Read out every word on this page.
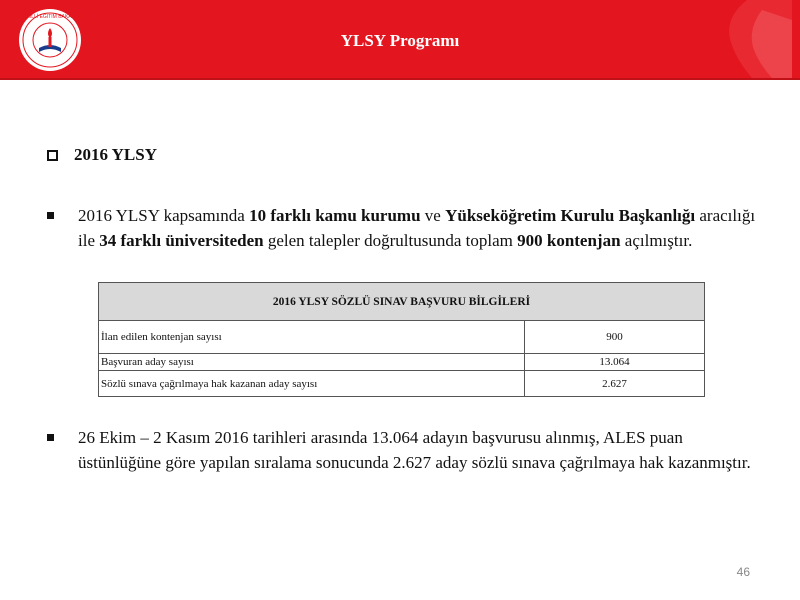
T.C. MİLLİ EĞİTİM BAKANLIĞI
YLSY Programı
2016 YLSY
2016 YLSY kapsamında 10 farklı kamu kurumu ve Yükseköğretim Kurulu Başkanlığı aracılığı ile 34 farklı üniversiteden gelen talepler doğrultusunda toplam 900 kontenjan açılmıştır.
2016 YLSY SÖZLÜ SINAV BAŞVURU BİLGİLERİ	
İlan edilen kontenjan sayısı	900
Başvuran aday sayısı	13.064
Sözlü sınava çağrılmaya hak kazanan aday sayısı	2.627
26 Ekim – 2 Kasım 2016 tarihleri arasında 13.064 adayın başvurusu alınmış, ALES puan üstünlüğüne göre yapılan sıralama sonucunda 2.627 aday sözlü sınava çağrılmaya hak kazanmıştır.
46
